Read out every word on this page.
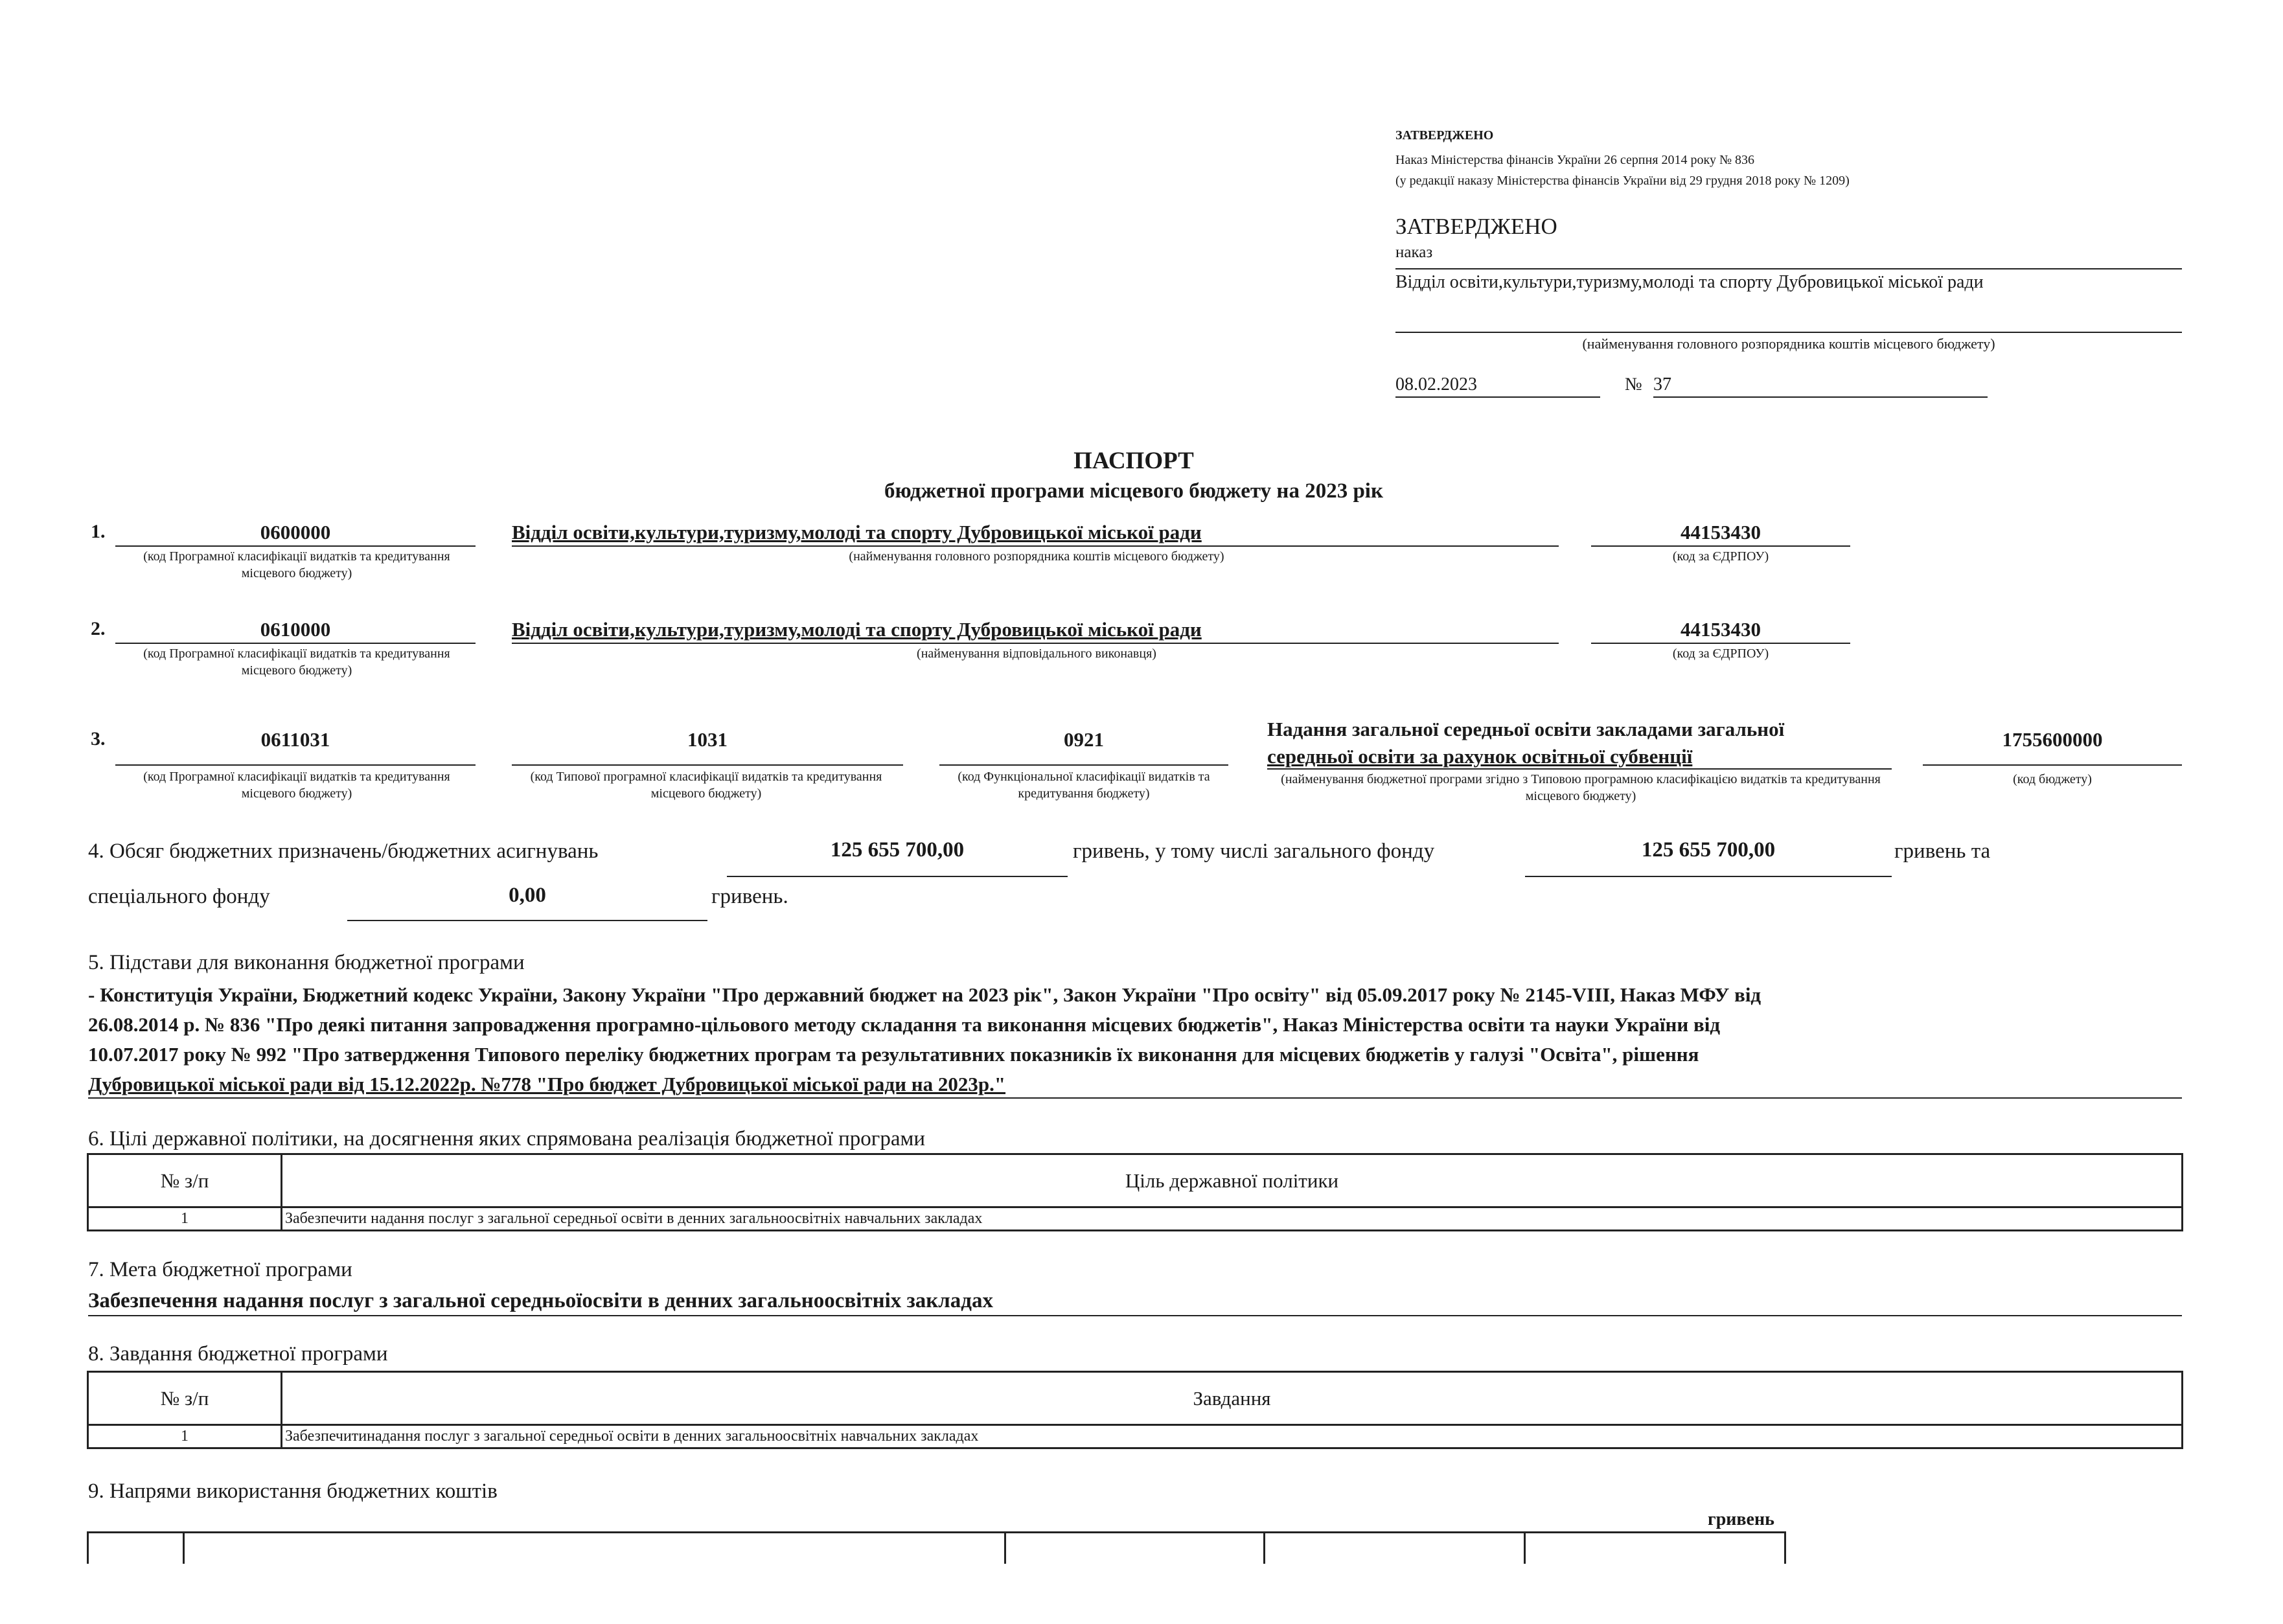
ЗАТВЕРДЖЕНО
Наказ Міністерства фінансів України 26 серпня 2014 року № 836
(у редакції наказу Міністерства фінансів України від 29 грудня 2018 року № 1209)
ЗАТВЕРДЖЕНО
наказ
Відділ освіти,культури,туризму,молоді та спорту Дубровицької міської ради
(найменування головного розпорядника коштів місцевого бюджету)
08.02.2023	№ 37
ПАСПОРТ
бюджетної програми місцевого бюджету на 2023 рік
1.	0600000
(код Програмної класифікації видатків та кредитування місцевого бюджету)
Відділ освіти,культури,туризму,молоді та спорту Дубровицької міської ради
(найменування головного розпорядника коштів місцевого бюджету)
44153430
(код за ЄДРПОУ)
2.	0610000
(код Програмної класифікації видатків та кредитування місцевого бюджету)
Відділ освіти,культури,туризму,молоді та спорту Дубровицької міської ради
(найменування відповідального виконавця)
44153430
(код за ЄДРПОУ)
3.	0611031
(код Програмної класифікації видатків та кредитування місцевого бюджету)
1031
(код Типової програмної класифікації видатків та кредитування місцевого бюджету)
0921
(код Функціональної класифікації видатків та кредитування бюджету)
Надання загальної середньої освіти закладами загальної
середньої освіти за рахунок освітньої субвенції
(найменування бюджетної програми згідно з Типовою програмною класифікацією видатків та кредитування місцевого бюджету)
1755600000
(код бюджету)
4. Обсяг бюджетних призначень/бюджетних асигнувань	125 655 700,00	гривень, у тому числі загального фонду	125 655 700,00	гривень та
спеціального фонду	0,00	гривень.
5. Підстави для виконання бюджетної програми
- Конституція України, Бюджетний кодекс України, Закону України "Про державний бюджет на 2023 рік", Закон України "Про освіту" від 05.09.2017 року № 2145-VIII, Наказ МФУ від
26.08.2014 р. № 836 "Про деякі питання запровадження програмно-цільового методу складання та виконання місцевих бюджетів", Наказ Міністерства освіти та науки України від
10.07.2017 року № 992 "Про затвердження Типового переліку бюджетних програм та результативних показників їх виконання для місцевих бюджетів у галузі "Освіта", рішення
Дубровицької міської ради від 15.12.2022р. №778 "Про бюджет Дубровицької міської ради на 2023р."
6. Цілі державної політики, на досягнення яких спрямована реалізація бюджетної програми
№ з/п	Ціль державної політики
1	Забезпечити надання послуг з загальної середньої освіти в денних загальноосвітніх навчальних закладах
7. Мета бюджетної програми
Забезпечення надання послуг з загальної середньоїосвіти в денних загальноосвітніх закладах
8. Завдання бюджетної програми
№ з/п	Завдання
1	Забезпечитинадання послуг з загальної середньої освіти в денних загальноосвітніх навчальних закладах
9. Напрями використання бюджетних коштів
гривень
